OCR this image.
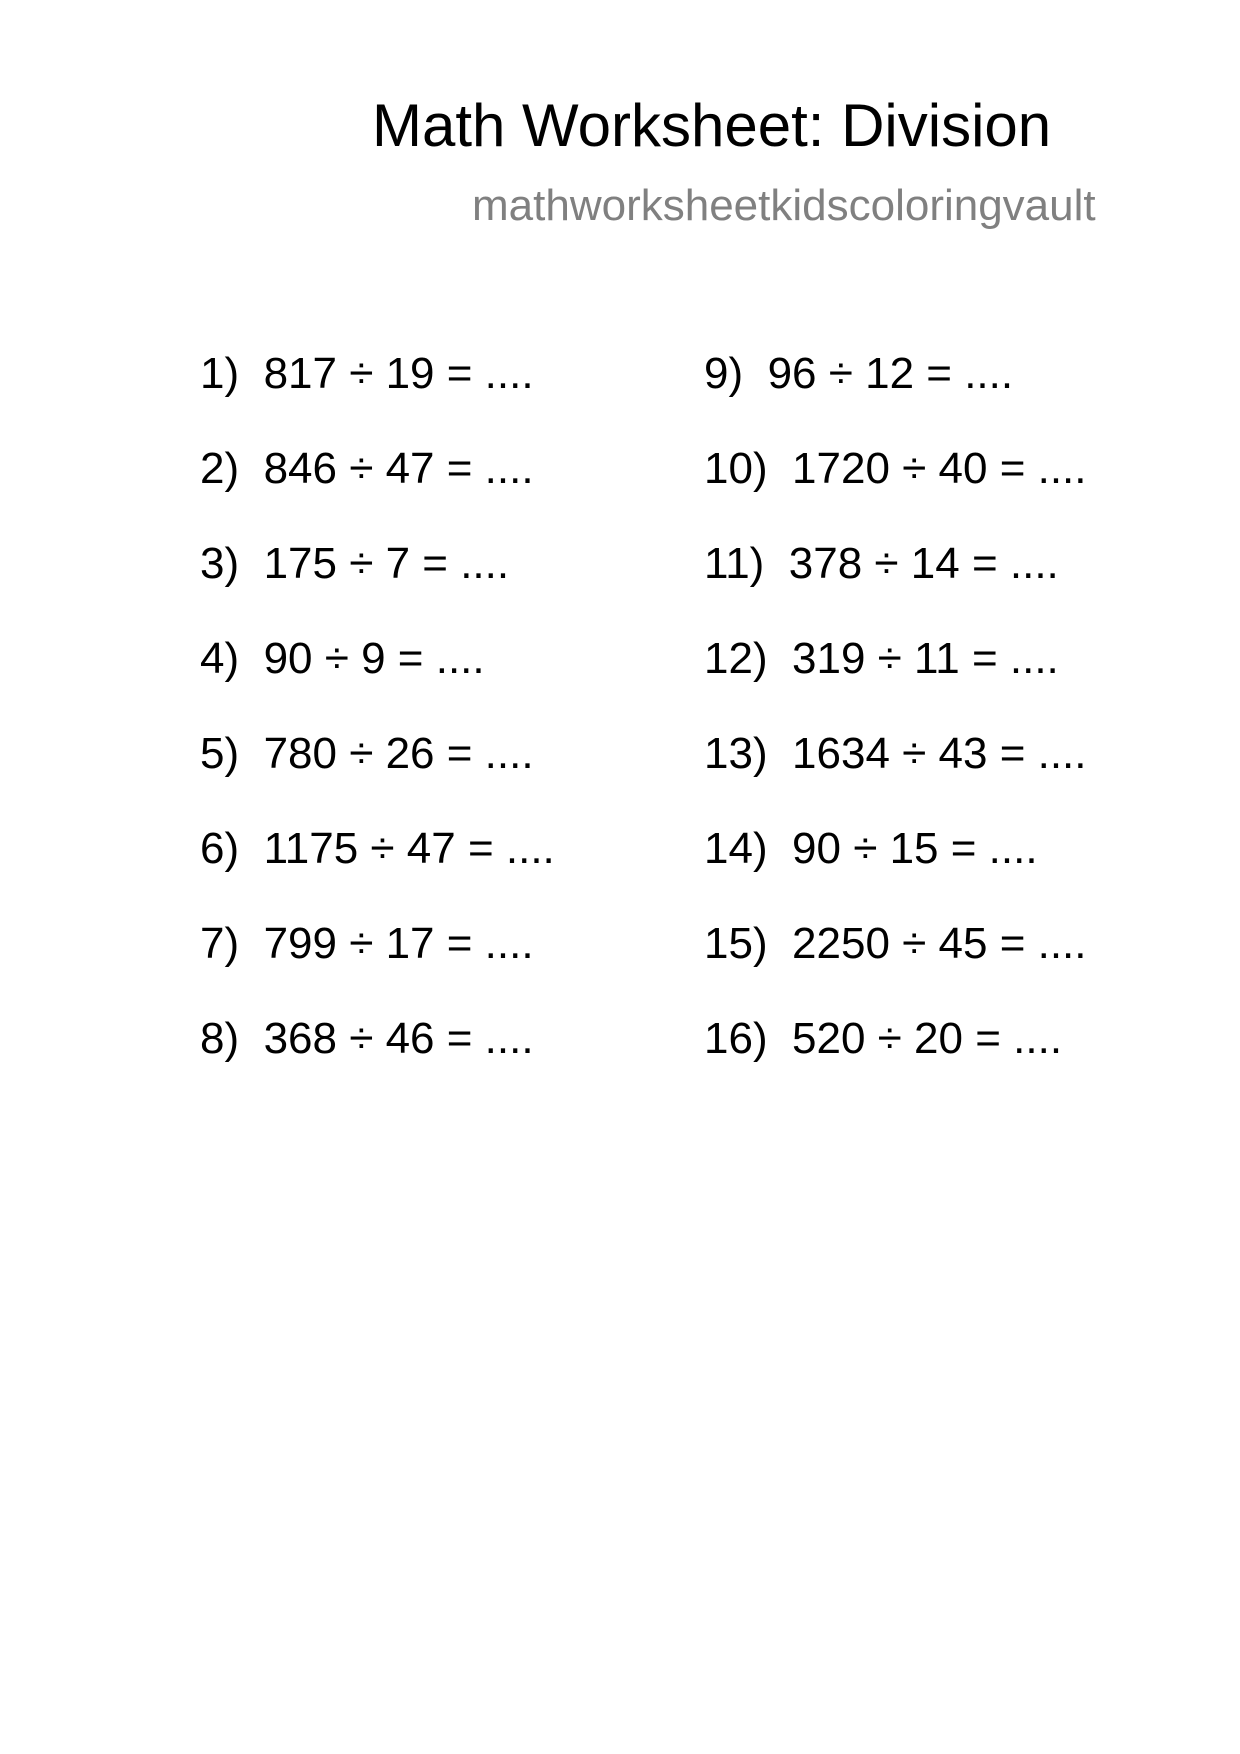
Math Worksheet: Division
mathworksheetkidscoloringvault
1)  817 ÷ 19 = ....
2)  846 ÷ 47 = ....
3)  175 ÷ 7 = ....
4)  90 ÷ 9 = ....
5)  780 ÷ 26 = ....
6)  1175 ÷ 47 = ....
7)  799 ÷ 17 = ....
8)  368 ÷ 46 = ....
9)  96 ÷ 12 = ....
10)  1720 ÷ 40 = ....
11)  378 ÷ 14 = ....
12)  319 ÷ 11 = ....
13)  1634 ÷ 43 = ....
14)  90 ÷ 15 = ....
15)  2250 ÷ 45 = ....
16)  520 ÷ 20 = ....
